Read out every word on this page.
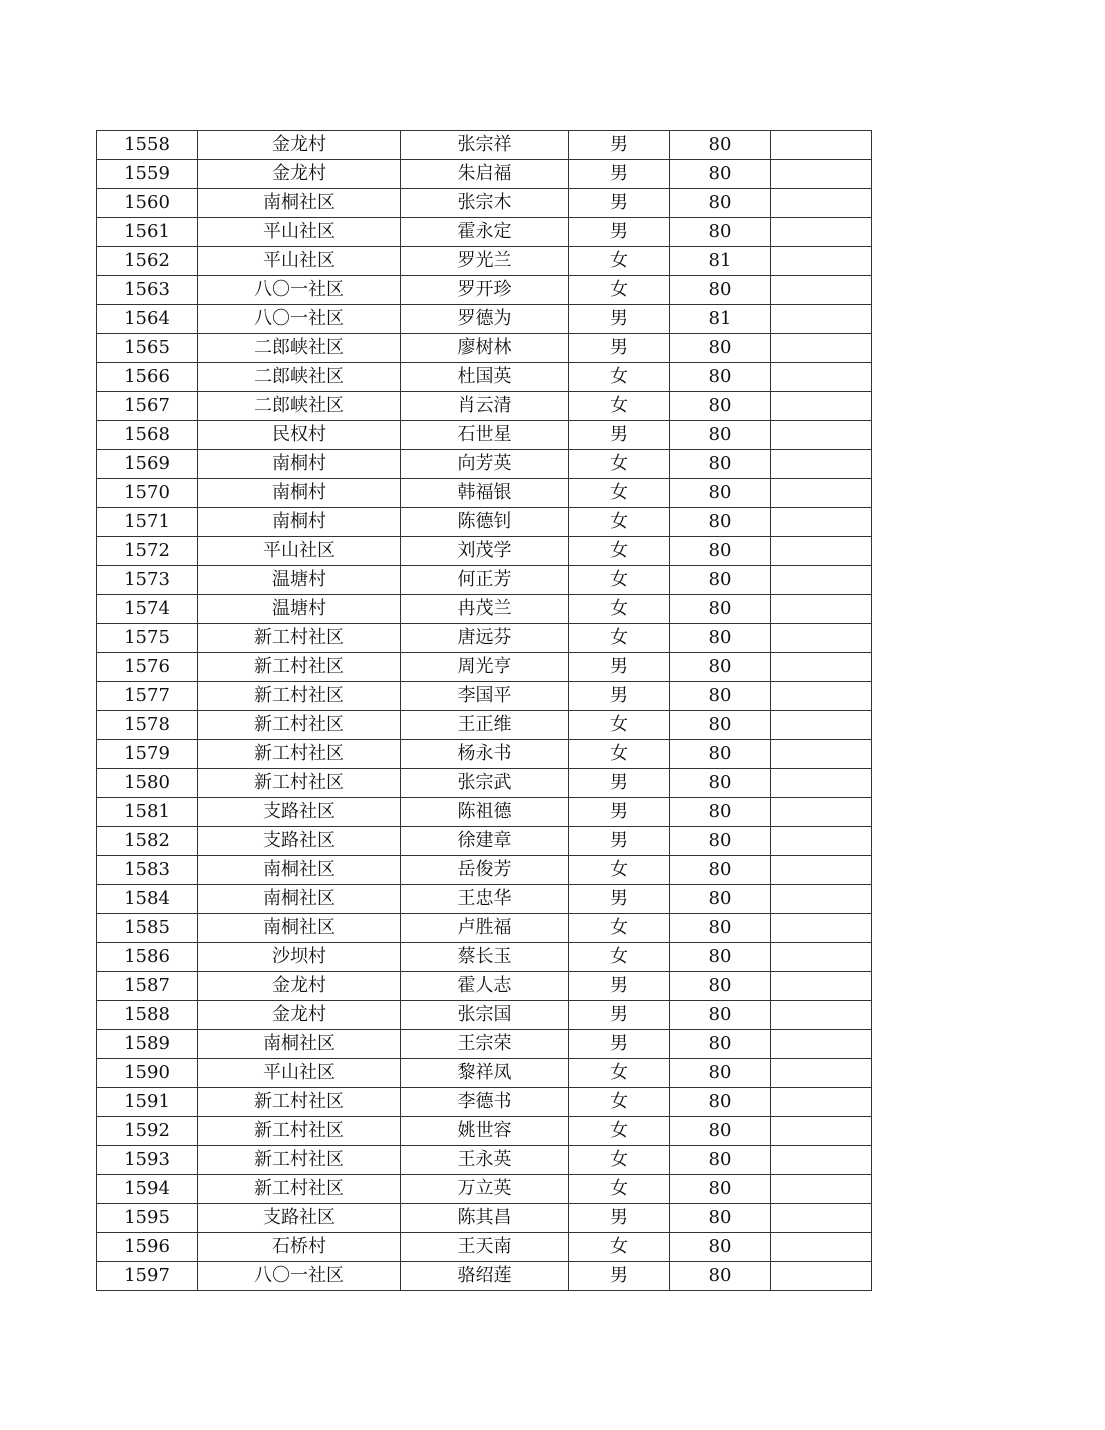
1558	金龙村	张宗祥	男	80	
1559	金龙村	朱启福	男	80	
1560	南桐社区	张宗木	男	80	
1561	平山社区	霍永定	男	80	
1562	平山社区	罗光兰	女	81	
1563	八〇一社区	罗开珍	女	80	
1564	八〇一社区	罗德为	男	81	
1565	二郎峡社区	廖树林	男	80	
1566	二郎峡社区	杜国英	女	80	
1567	二郎峡社区	肖云清	女	80	
1568	民权村	石世星	男	80	
1569	南桐村	向芳英	女	80	
1570	南桐村	韩福银	女	80	
1571	南桐村	陈德钊	女	80	
1572	平山社区	刘茂学	女	80	
1573	温塘村	何正芳	女	80	
1574	温塘村	冉茂兰	女	80	
1575	新工村社区	唐远芬	女	80	
1576	新工村社区	周光亨	男	80	
1577	新工村社区	李国平	男	80	
1578	新工村社区	王正维	女	80	
1579	新工村社区	杨永书	女	80	
1580	新工村社区	张宗武	男	80	
1581	支路社区	陈祖德	男	80	
1582	支路社区	徐建章	男	80	
1583	南桐社区	岳俊芳	女	80	
1584	南桐社区	王忠华	男	80	
1585	南桐社区	卢胜福	女	80	
1586	沙坝村	蔡长玉	女	80	
1587	金龙村	霍人志	男	80	
1588	金龙村	张宗国	男	80	
1589	南桐社区	王宗荣	男	80	
1590	平山社区	黎祥凤	女	80	
1591	新工村社区	李德书	女	80	
1592	新工村社区	姚世容	女	80	
1593	新工村社区	王永英	女	80	
1594	新工村社区	万立英	女	80	
1595	支路社区	陈其昌	男	80	
1596	石桥村	王天南	女	80	
1597	八〇一社区	骆绍莲	男	80	
